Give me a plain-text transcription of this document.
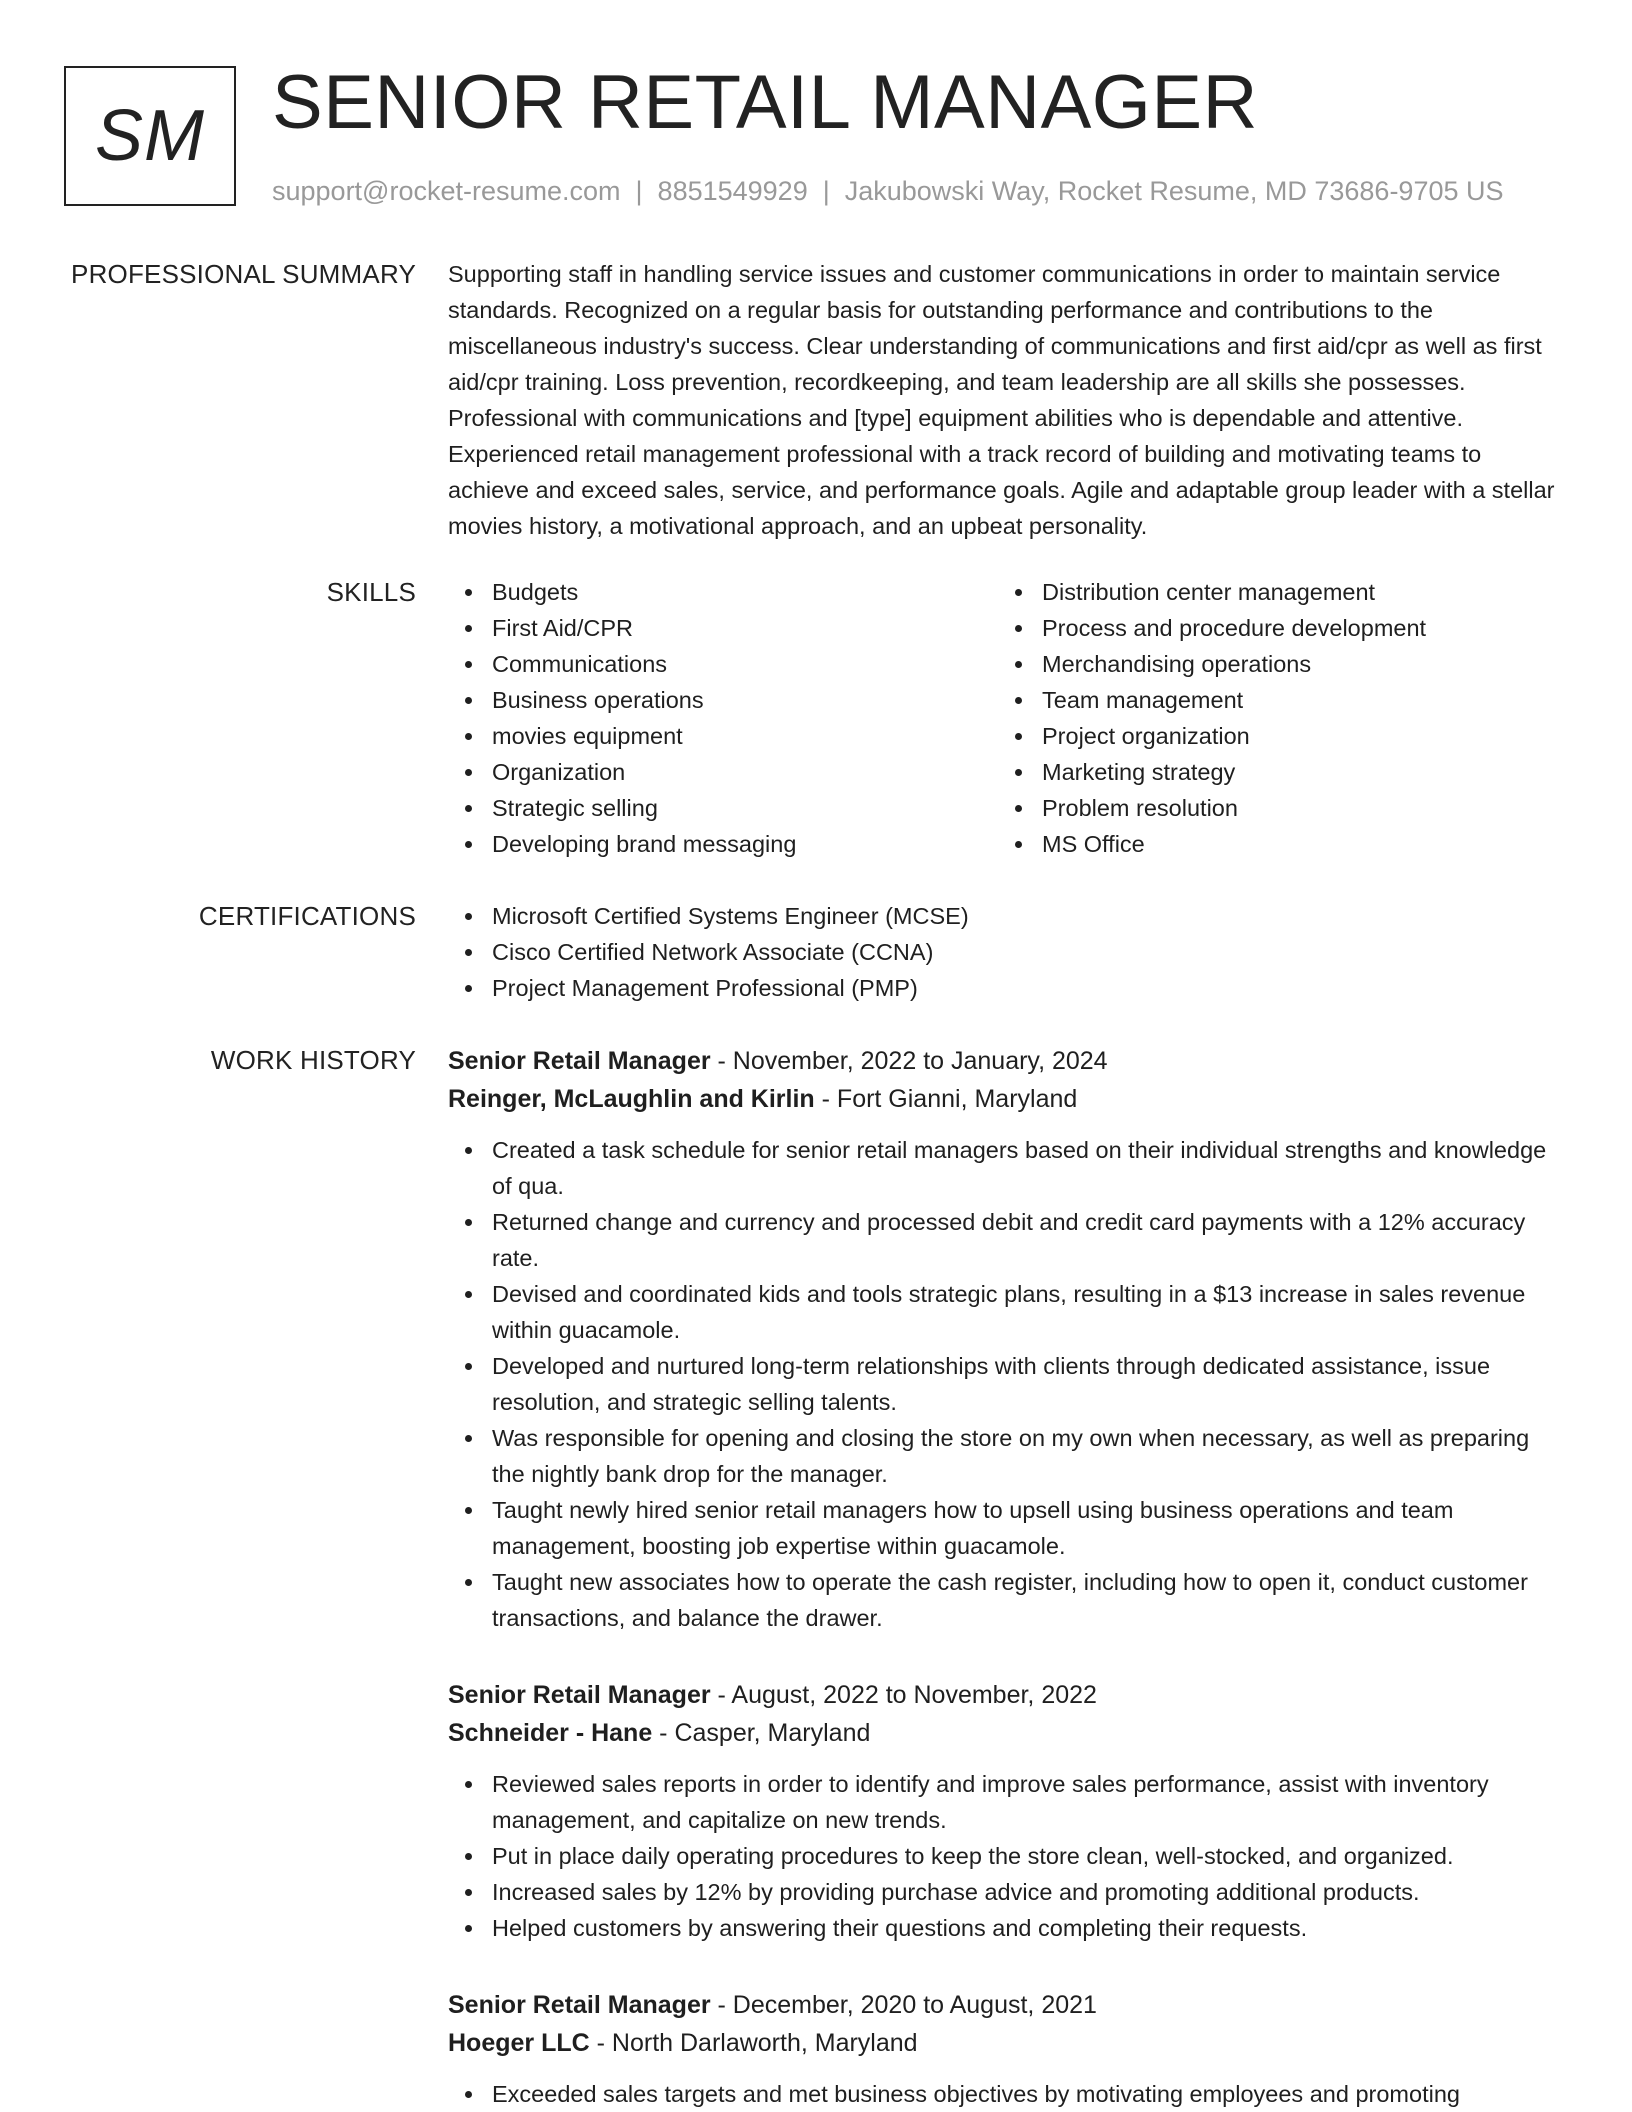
SM SENIOR RETAIL MANAGER
support@rocket-resume.com | 8851549929 | Jakubowski Way, Rocket Resume, MD 73686-9705 US
PROFESSIONAL SUMMARY Supporting staff in handling service issues and customer communications in order to maintain service standards. Recognized on a regular basis for outstanding performance and contributions to the miscellaneous industry's success. Clear understanding of communications and first aid/cpr as well as first aid/cpr training. Loss prevention, recordkeeping, and team leadership are all skills she possesses. Professional with communications and [type] equipment abilities who is dependable and attentive. Experienced retail management professional with a track record of building and motivating teams to achieve and exceed sales, service, and performance goals. Agile and adaptable group leader with a stellar movies history, a motivational approach, and an upbeat personality.

SKILLS	Budgets
First Aid/CPR
Communications
Business operations
movies equipment
Organization
Strategic selling
Developing brand messaging
Distribution center management
Process and procedure development
Merchandising operations
Team management
Project organization
Marketing strategy
Problem resolution
MS Office
CERTIFICATIONS	Microsoft Certified Systems Engineer (MCSE)
Cisco Certified Network Associate (CCNA)
Project Management Professional (PMP)
WORK HISTORY Senior Retail Manager - November, 2022 to January, 2024
Reinger, McLaughlin and Kirlin - Fort Gianni, Maryland
Created a task schedule for senior retail managers based on their individual strengths and knowledge of qua.
Returned change and currency and processed debit and credit card payments with a 12% accuracy rate.
Devised and coordinated kids and tools strategic plans, resulting in a $13 increase in sales revenue within guacamole.
Developed and nurtured long-term relationships with clients through dedicated assistance, issue resolution, and strategic selling talents.
Was responsible for opening and closing the store on my own when necessary, as well as preparing the nightly bank drop for the manager.
Taught newly hired senior retail managers how to upsell using business operations and team management, boosting job expertise within guacamole.
Taught new associates how to operate the cash register, including how to open it, conduct customer transactions, and balance the drawer.
Senior Retail Manager - August, 2022 to November, 2022
Schneider - Hane - Casper, Maryland
Reviewed sales reports in order to identify and improve sales performance, assist with inventory management, and capitalize on new trends.
Put in place daily operating procedures to keep the store clean, well-stocked, and organized.
Increased sales by 12% by providing purchase advice and promoting additional products.
Helped customers by answering their questions and completing their requests.
Senior Retail Manager - December, 2020 to August, 2021
Hoeger LLC - North Darlaworth, Maryland
Exceeded sales targets and met business objectives by motivating employees and promoting
